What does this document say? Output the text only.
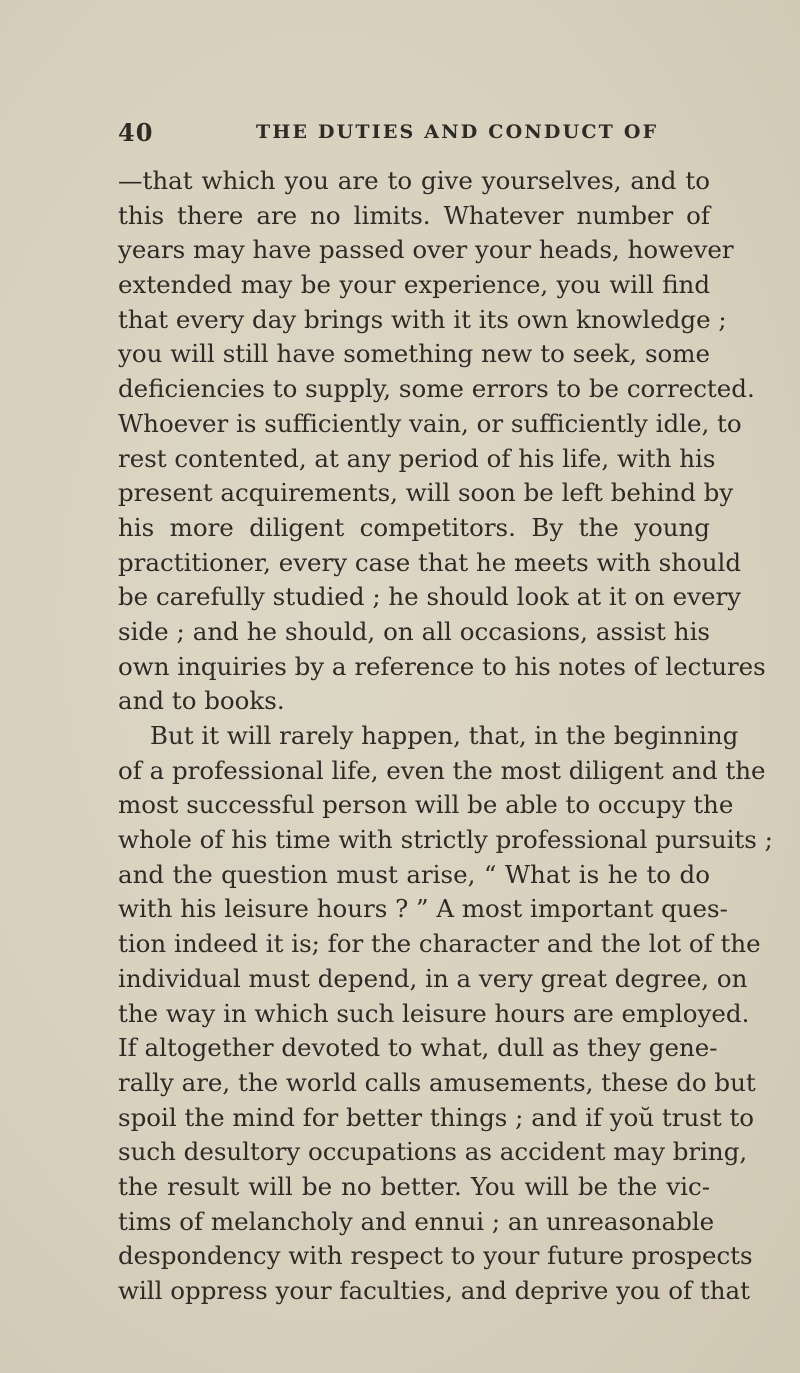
40	THE DUTIES AND CONDUCT OF
—that which you are to give yourselves, and to
this there are no limits. Whatever number of
years may have passed over your heads, however
extended may be your experience, you will find
that every day brings with it its own knowledge ;
you will still have something new to seek, some
deficiencies to supply, some errors to be corrected.
Whoever is sufficiently vain, or sufficiently idle, to
rest contented, at any period of his life, with his
present acquirements, will soon be left behind by
his more diligent competitors. By the young
practitioner, every case that he meets with should
be carefully studied ; he should look at it on every
side ; and he should, on all occasions, assist his
own inquiries by a reference to his notes of lectures
and to books.
But it will rarely happen, that, in the beginning
of a professional life, even the most diligent and the
most successful person will be able to occupy the
whole of his time with strictly professional pursuits ;
and the question must arise, “ What is he to do
with his leisure hours ? ” A most important ques-
tion indeed it is; for the character and the lot of the
individual must depend, in a very great degree, on
the way in which such leisure hours are employed.
If altogether devoted to what, dull as they gene-
rally are, the world calls amusements, these do but
spoil the mind for better things ; and if yoŭ trust to
such desultory occupations as accident may bring,
the result will be no better. You will be the vic-
tims of melancholy and ennui ; an unreasonable
despondency with respect to your future prospects
will oppress your faculties, and deprive you of that
